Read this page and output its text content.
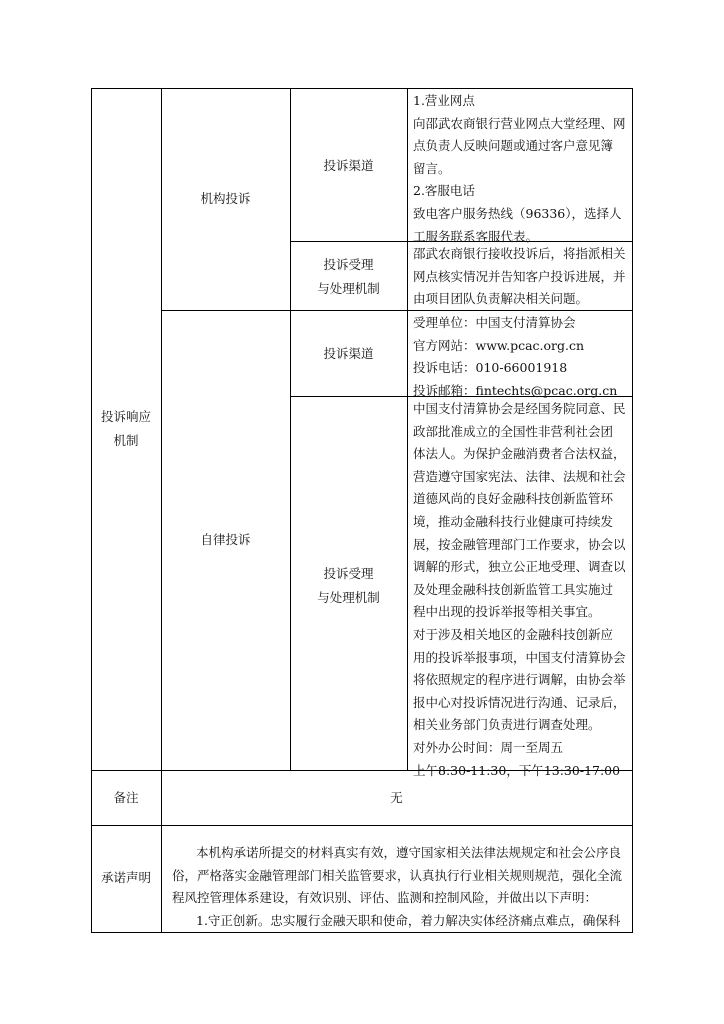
投诉响应
机制
机构投诉
投诉渠道
1.营业网点
向邵武农商银行营业网点大堂经理、网
点负责人反映问题或通过客户意见簿
留言。
2.客服电话
致电客户服务热线（96336），选择人
工服务联系客服代表。
投诉受理
与处理机制
邵武农商银行接收投诉后，将指派相关
网点核实情况并告知客户投诉进展，并
由项目团队负责解决相关问题。
自律投诉
投诉渠道
受理单位：中国支付清算协会
官方网站：www.pcac.org.cn
投诉电话：010-66001918
投诉邮箱：fintechts@pcac.org.cn
投诉受理
与处理机制
中国支付清算协会是经国务院同意、民
政部批准成立的全国性非营利社会团
体法人。为保护金融消费者合法权益，
营造遵守国家宪法、法律、法规和社会
道德风尚的良好金融科技创新监管环
境，推动金融科技行业健康可持续发
展，按金融管理部门工作要求，协会以
调解的形式，独立公正地受理、调查以
及处理金融科技创新监管工具实施过
程中出现的投诉举报等相关事宜。
对于涉及相关地区的金融科技创新应
用的投诉举报事项，中国支付清算协会
将依照规定的程序进行调解，由协会举
报中心对投诉情况进行沟通、记录后，
相关业务部门负责进行调查处理。
对外办公时间：周一至周五
上午8:30-11:30，下午13:30-17:00
备注	无
承诺声明
本机构承诺所提交的材料真实有效，遵守国家相关法律法规规定和社会公序良
俗，严格落实金融管理部门相关监管要求，认真执行行业相关规则规范，强化全流
程风控管理体系建设，有效识别、评估、监测和控制风险，并做出以下声明：
1.守正创新。忠实履行金融天职和使命，着力解决实体经济痛点难点，确保科
